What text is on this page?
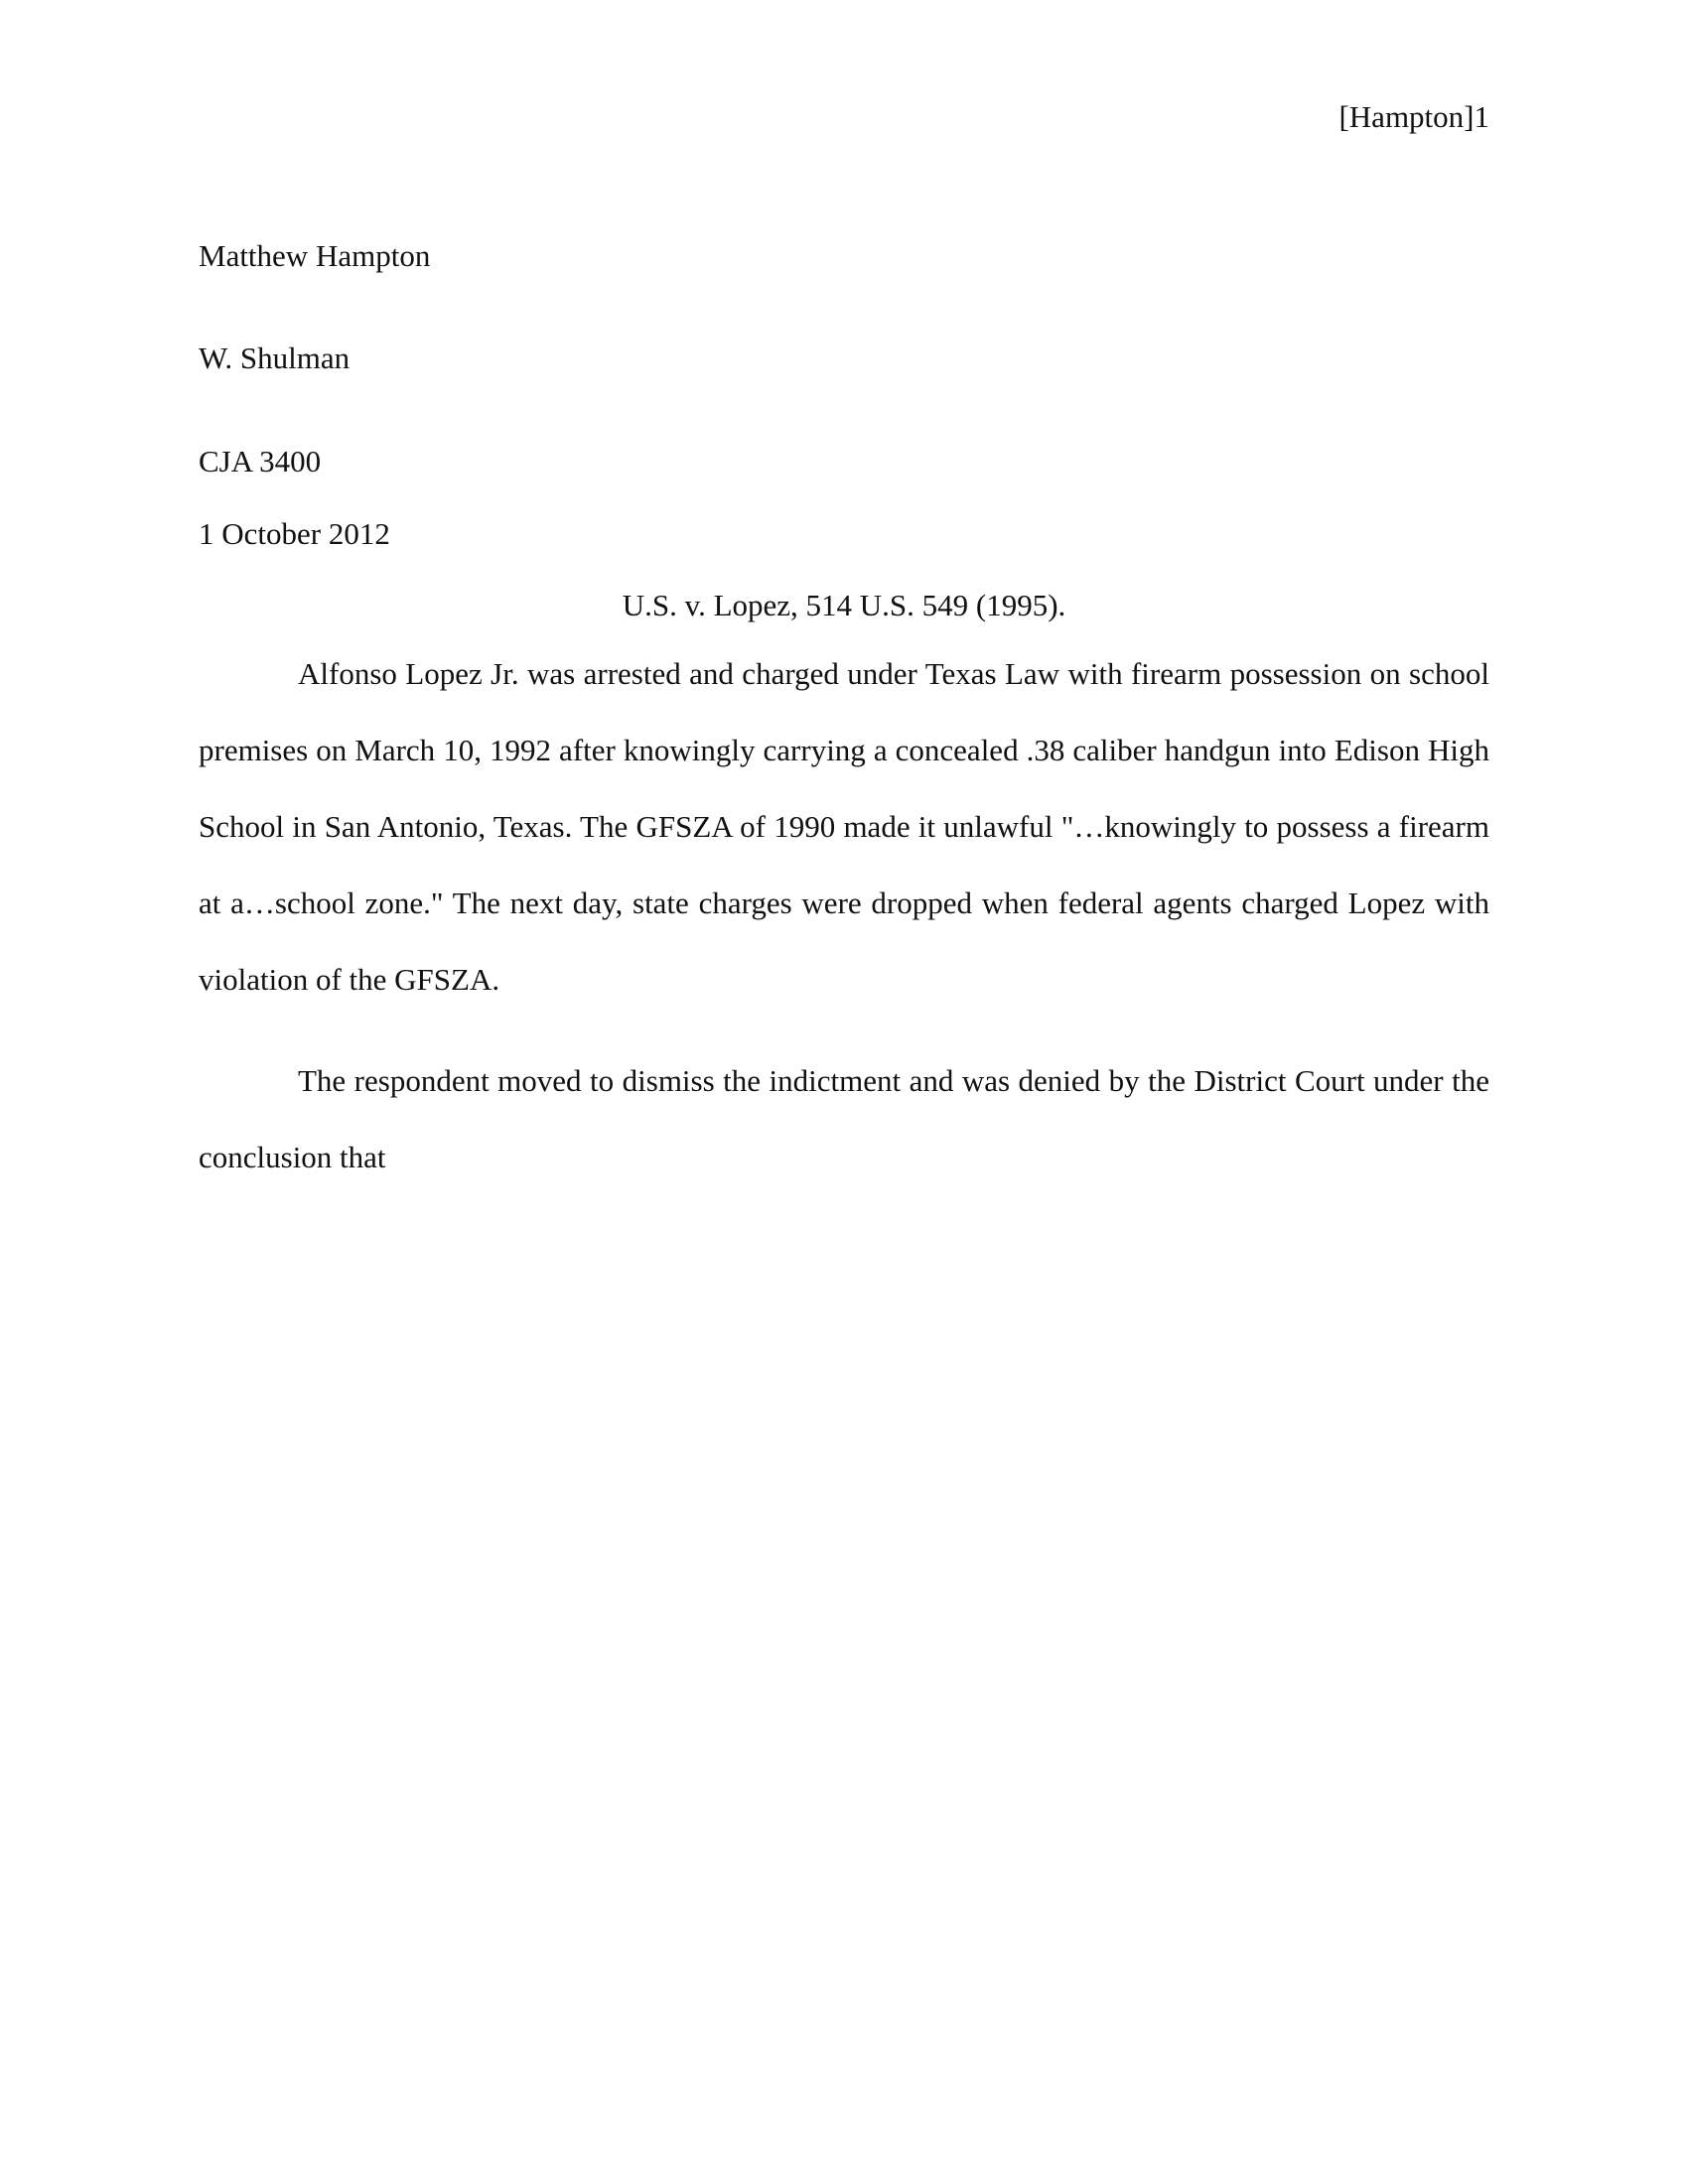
[Hampton]1
Matthew Hampton
W. Shulman
CJA 3400
1 October 2012
U.S. v. Lopez, 514 U.S. 549 (1995).

Alfonso Lopez Jr. was arrested and charged under Texas Law with firearm possession on school premises on March 10, 1992 after knowingly carrying a concealed .38 caliber handgun into Edison High School in San Antonio, Texas. The GFSZA of 1990 made it unlawful "…knowingly to possess a firearm at a…school zone." The next day, state charges were dropped when federal agents charged Lopez with violation of the GFSZA.

The respondent moved to dismiss the indictment and was denied by the District Court under the conclusion that
